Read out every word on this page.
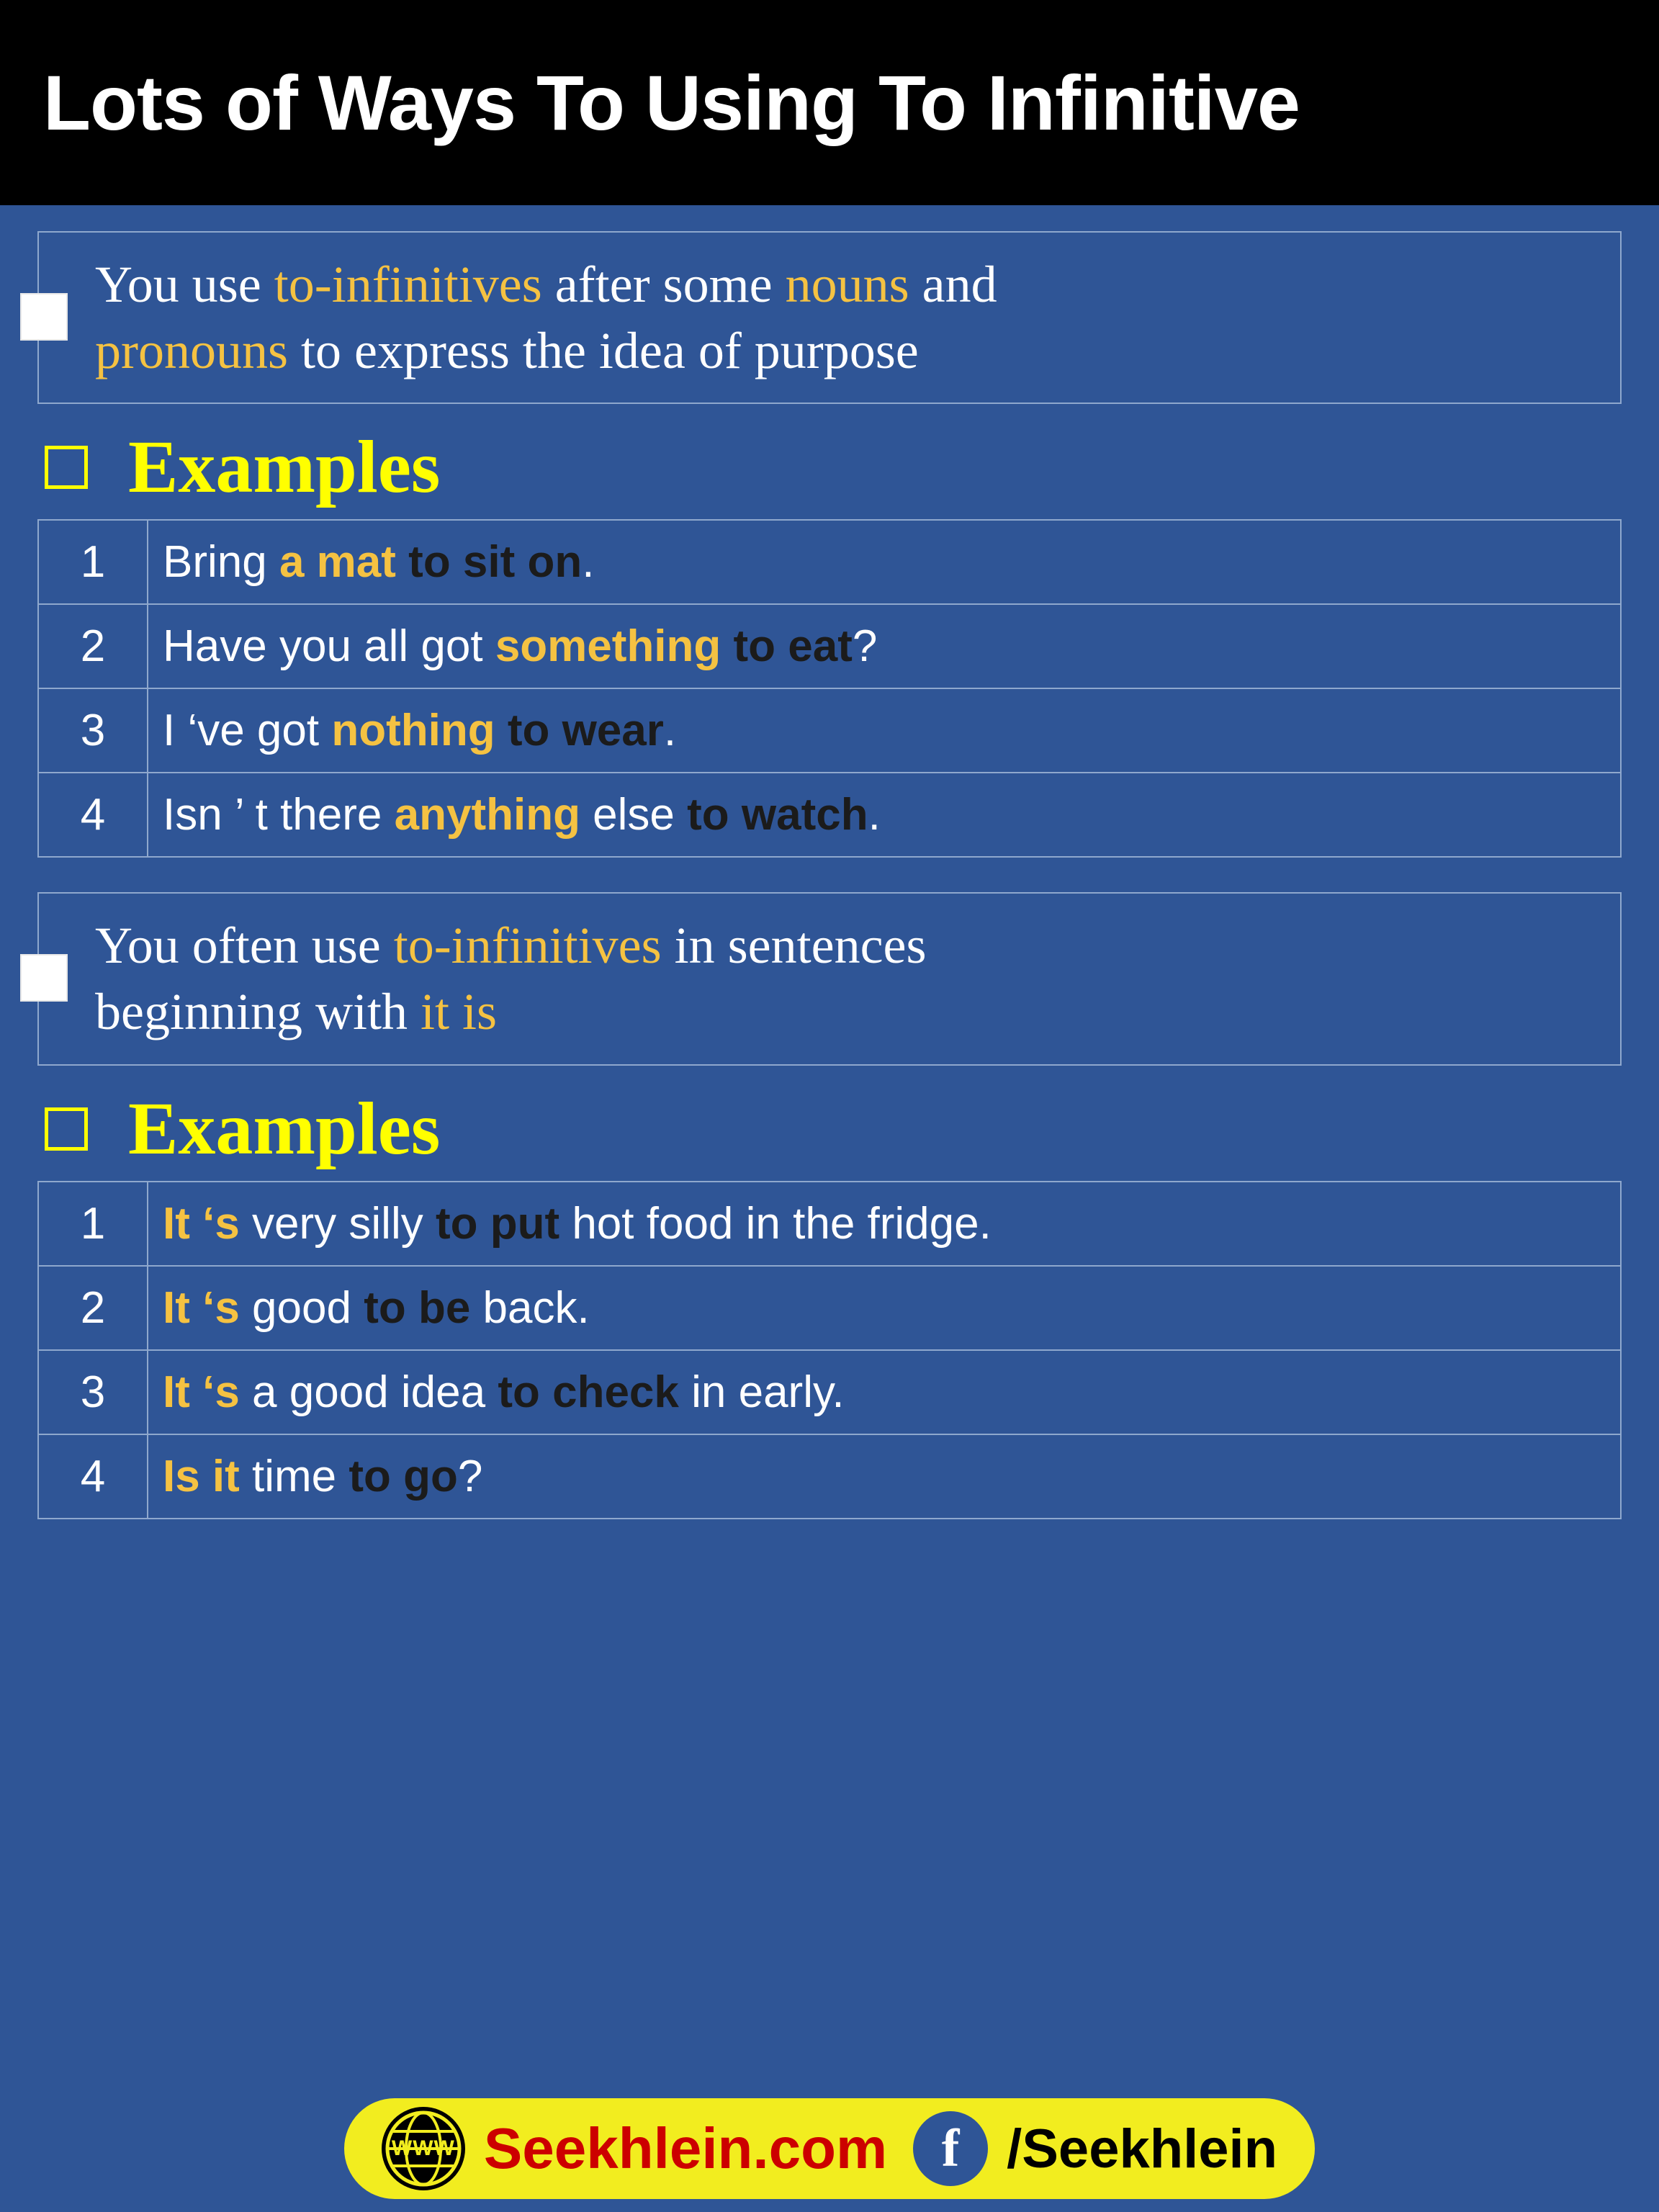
Lots of Ways To Using To Infinitive
You use to-infinitives after some nouns and
pronouns to express the idea of purpose
Examples
1	Bring a mat to sit on.
2	Have you all got something to eat?
3	I ‘ve got nothing to wear.
4	Isn ’ t there anything else to watch.
You often use to-infinitives in sentences
beginning with it is
Examples
1	It ‘s very silly to put hot food in the fridge.
2	It ‘s good to be back.
3	It ‘s a good idea to check in early.
4	Is it time to go?
WWW Seekhlein.com f /Seekhlein
